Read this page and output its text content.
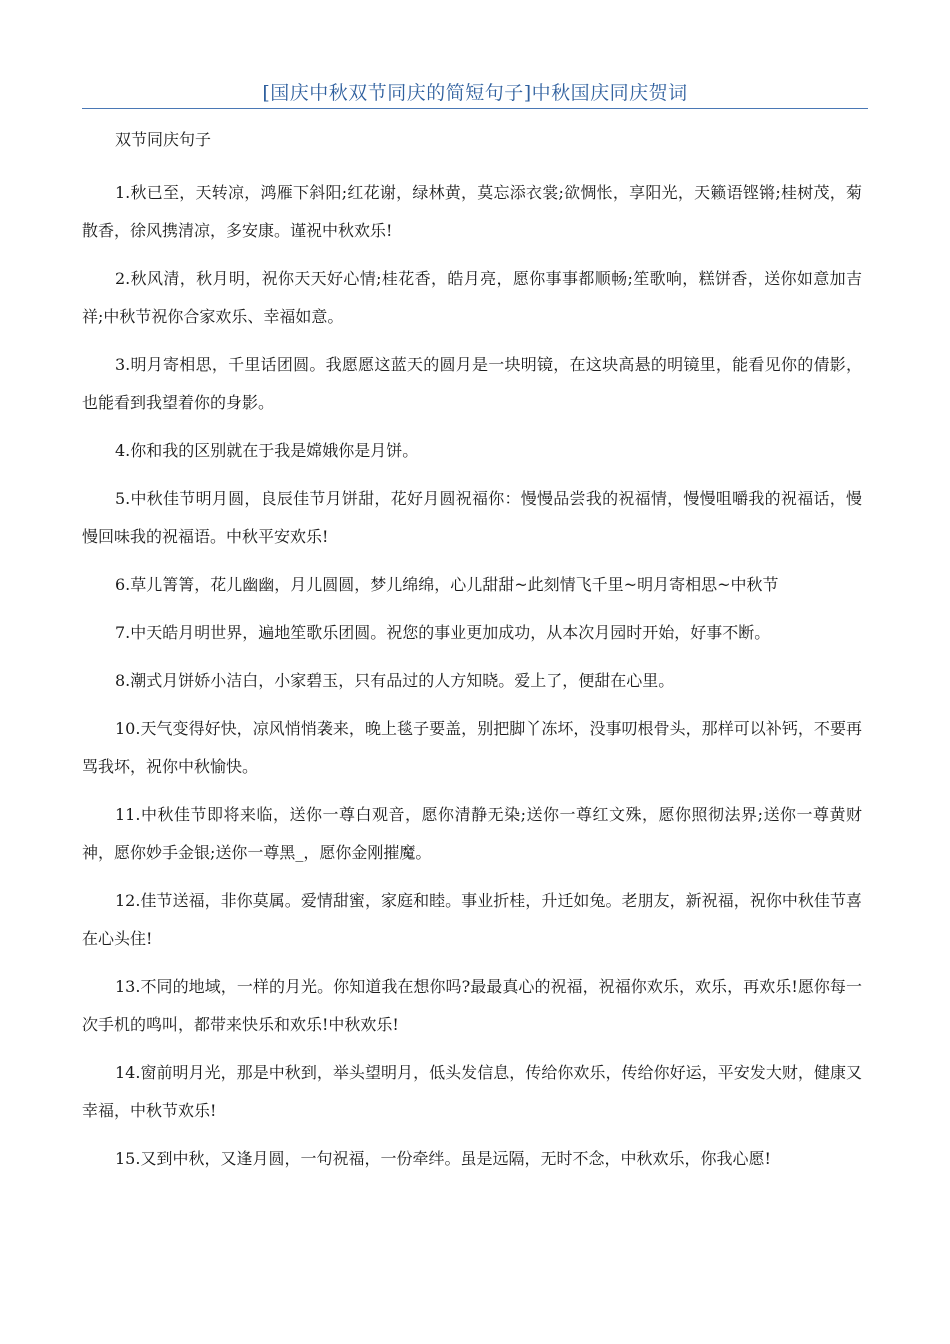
[国庆中秋双节同庆的简短句子]中秋国庆同庆贺词
双节同庆句子

1.秋已至，天转凉，鸿雁下斜阳;红花谢，绿林黄，莫忘添衣裳;欲惆怅，享阳光，天籁语铿锵;桂树茂，菊散香，徐风携清凉，多安康。谨祝中秋欢乐!

2.秋风清，秋月明，祝你天天好心情;桂花香，皓月亮，愿你事事都顺畅;笙歌响，糕饼香，送你如意加吉祥;中秋节祝你合家欢乐、幸福如意。

3.明月寄相思，千里话团圆。我愿愿这蓝天的圆月是一块明镜，在这块高悬的明镜里，能看见你的倩影，也能看到我望着你的身影。

4.你和我的区别就在于我是嫦娥你是月饼。

5.中秋佳节明月圆，良辰佳节月饼甜，花好月圆祝福你：慢慢品尝我的祝福情，慢慢咀嚼我的祝福话，慢慢回味我的祝福语。中秋平安欢乐!

6.草儿箐箐，花儿幽幽，月儿圆圆，梦儿绵绵，心儿甜甜~此刻情飞千里~明月寄相思~中秋节

7.中天皓月明世界，遍地笙歌乐团圆。祝您的事业更加成功，从本次月园时开始，好事不断。

8.潮式月饼娇小洁白，小家碧玉，只有品过的人方知晓。爱上了，便甜在心里。

10.天气变得好快，凉风悄悄袭来，晚上毯子要盖，别把脚丫冻坏，没事叨根骨头，那样可以补钙，不要再骂我坏，祝你中秋愉快。

11.中秋佳节即将来临，送你一尊白观音，愿你清静无染;送你一尊红文殊，愿你照彻法界;送你一尊黄财神，愿你妙手金银;送你一尊黑_，愿你金刚摧魔。

12.佳节送福，非你莫属。爱情甜蜜，家庭和睦。事业折桂，升迁如兔。老朋友，新祝福，祝你中秋佳节喜在心头住!

13.不同的地域，一样的月光。你知道我在想你吗?最最真心的祝福，祝福你欢乐，欢乐，再欢乐!愿你每一次手机的鸣叫，都带来快乐和欢乐!中秋欢乐!

14.窗前明月光，那是中秋到，举头望明月，低头发信息，传给你欢乐，传给你好运，平安发大财，健康又幸福，中秋节欢乐!

15.又到中秋，又逢月圆，一句祝福，一份牵绊。虽是远隔，无时不念，中秋欢乐，你我心愿!
